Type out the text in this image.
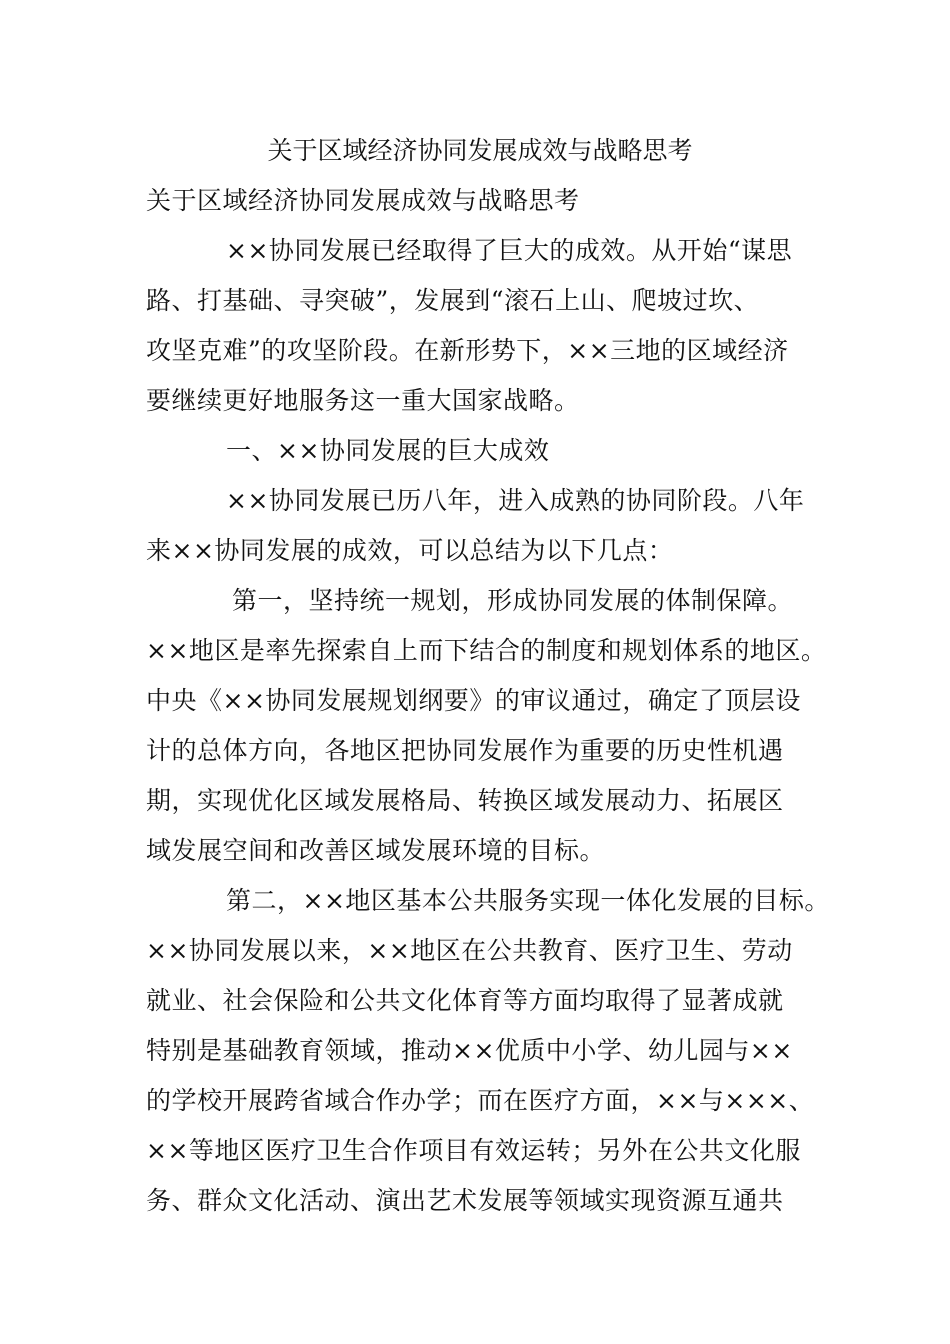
关于区域经济协同发展成效与战略思考
关于区域经济协同发展成效与战略思考
××协同发展已经取得了巨大的成效。从开始“谋思
路、打基础、寻突破”，发展到“滚石上山、爬坡过坎、
攻坚克难”的攻坚阶段。在新形势下，××三地的区域经济
要继续更好地服务这一重大国家战略。
一、××协同发展的巨大成效
××协同发展已历八年，进入成熟的协同阶段。八年
来××协同发展的成效，可以总结为以下几点：
第一，坚持统一规划，形成协同发展的体制保障。
××地区是率先探索自上而下结合的制度和规划体系的地区。
中央《××协同发展规划纲要》的审议通过，确定了顶层设
计的总体方向，各地区把协同发展作为重要的历史性机遇
期，实现优化区域发展格局、转换区域发展动力、拓展区
域发展空间和改善区域发展环境的目标。
第二，××地区基本公共服务实现一体化发展的目标。
××协同发展以来，××地区在公共教育、医疗卫生、劳动
就业、社会保险和公共文化体育等方面均取得了显著成就
特别是基础教育领域，推动××优质中小学、幼儿园与××
的学校开展跨省域合作办学；而在医疗方面，××与×××、
××等地区医疗卫生合作项目有效运转；另外在公共文化服
务、群众文化活动、演出艺术发展等领域实现资源互通共
